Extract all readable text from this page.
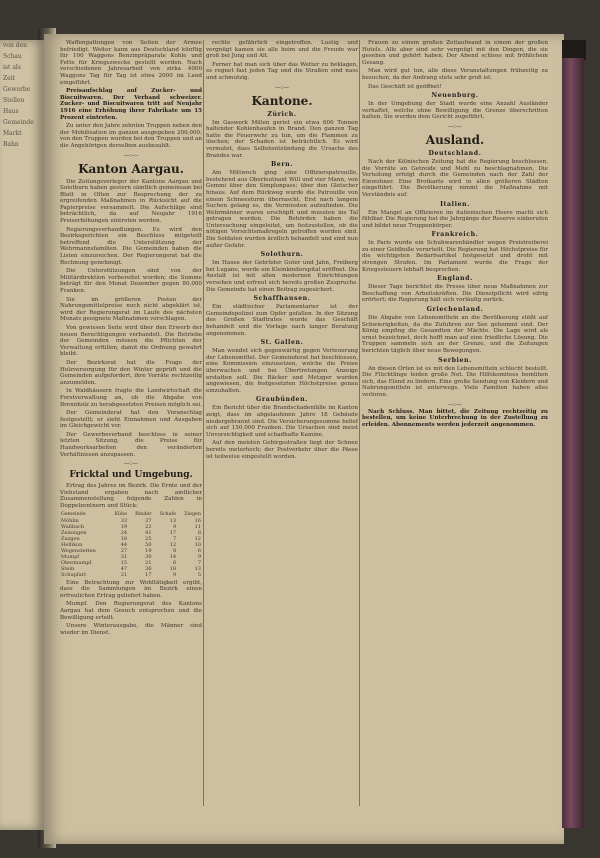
von den

Schau

ist als

Zeit

Gewerbe

Stellen

Haus

Gemeinde

Markt

Bahn

Waffengattungen von Seiten der Armee befriedigt. Weiter kann aus Deutschland künftig für 100 Waggons Benzinpräparate Kohle und Fette für Kriegszwecke gestellt werden. Nach verschiedenen Jahresarbeit von zirka 4000 Waggons Tag für Tag ist etwa 2000 im Land eingeführt.

Preisaufschlag auf Zucker- und Biscuitwaren. Der Verband schweizer. Zucker- und Biscuitwaren tritt auf Neujahr 1916 eine Erhöhung ihrer Fabrikate um 15 Prozent eintreten.

Zu unter den Jahre zehnten Truppen neben den der Mobilisation im ganzen ausgegeben 200,000; von den Truppen wurden bei den Truppen und an die Angehörigen derselben ausbezahlt.

—:—
Kanton Aargau.

Die Zeitungsverleger der Kantone Aargau und Solothurn haben gestern sämtlich gemeinsam bei Blatt in Olten zur Besprechung der zu ergreifenden Maßnahmen in Rücksicht auf die Papierpreise versammelt. Die Aufschläge sind beträchtlich, da auf Neujahr 1916 Preiserhöhungen eintreten werden.

Regierungsverhandlungen. Es wird den Bezirksgerichten ein Beschluss mitgeteilt betreffend die Unterstützung der Wehrmannsfamilien. Die Gemeinden haben die Listen einzureichen. Der Regierungsrat hat die Rechnung genehmigt.

Die Unterstützungen sind von der Militärdirektion vorbereitet worden; die Summe beträgt für den Monat Dezember gegen 80,000 Franken.

Sie im größeren Posten der Nahrungsmittelpreise noch nicht abgeklärt ist, wird der Regierungsrat im Laufe des nächsten Monats geeignete Maßnahmen vorschlagen.

Von gewissen Seite wird über den Erwerb der neuen Berechtigungen verhandelt. Die Betriebe der Gemeinden müssen die Pflichten der Verwaltung erfüllen, damit die Ordnung gewahrt bleibt.

Der Bezirksrat hat die Frage der Holzversorgung für den Winter geprüft und die Gemeinden aufgefordert, ihre Vorräte rechtzeitig anzumelden.

In Waldhäusern fragte die Landwirtschaft die Forstverwaltung an, ob die Abgabe von Brennholz zu herabgesetzten Preisen möglich sei.

Der Gemeinderat hat den Voranschlag festgestellt; er sieht Einnahmen und Ausgaben im Gleichgewicht vor.

Der Gewerbeverband beschloss in seiner letzten Sitzung, die Preise für Handwerksarbeiten den veränderten Verhältnissen anzupassen.

—:—
Fricktal und Umgebung.

Ertrag des Jahres im Bezirk. Die Ernte und der Viehstand ergaben nach amtlicher Zusammenstellung folgende Zahlen in Doppelzentnern und Stück:

Gemeinde	Kühe	Rinder	Schafe	Ziegen
Möhlin	33	37	13	16
Wallbach	19	22	9	11
Zeiningen	24	41	17	8
Zuzgen	18	25	7	12
Hellikon	44	50	12	10
Wegenstetten	27	19	8	6
Mumpf	31	30	14	9
Obermumpf	15	21	6	7
Stein	47	36	18	13
Schupfart	21	17	9	5

Eine Betrachtung zur Wohltätigkeit ergibt, dass die Sammlungen im Bezirk einen erfreulichen Ertrag geliefert haben.

Mumpf. Den Regierungsrat des Kantons Aargau hat dem Gesuch entsprochen und die Bewilligung erteilt.

Unsere Winterausgabe, die Männer sind wieder im Dienst.

rechte gefährlich eingetroffen. Lustig und vergnügt kamen sie alle heim und die Freude war groß bei Jung und Alt.

Ferner hat man sich über das Wetter zu beklagen, es regnet fast jeden Tag und die Straßen sind nass und schmutzig.

—:—
Kantone.
Zürich.

Im Gaswerk Mülen geriet ein etwa 600 Tonnen haltender Kohlenhaufen in Brand. Den ganzen Tag hatte die Feuerwehr zu tun, um die Flammen zu löschen; der Schaden ist beträchtlich. Es wird vermutet, dass Selbstentzündung die Ursache des Brandes war.

Bern.

Am Mittwoch ging eine Offizierspatrouille, bestehend aus Oberleutnant Will und vier Mann, von Gemmi über den Simplonpass; über den Gletscher hinaus. Auf dem Rückweg wurde die Patrouille von einem Schneesturm überrascht. Erst nach langem Suchen gelang es, die Vermissten aufzufinden. Die Wehrmänner waren erschöpft und mussten ins Tal getragen werden. Die Behörden haben die Untersuchung eingeleitet, um festzustellen, ob die nötigen Vorsichtsmaßregeln getroffen worden sind. Die Soldaten wurden ärztlich behandelt und sind nun außer Gefahr.

Solothurn.

Im Hause der Gebrüder Guter und Jahn, Freiberg bei Lugano, wurde ein Kleinkinderspital eröffnet. Die Anstalt ist mit allen modernen Einrichtungen versehen und erfreut sich bereits großen Zuspruchs. Die Gemeinde hat einen Beitrag zugesichert.

Schaffhausen.

Ein städtischer Parlamentarier ist der Gemeindepolizei zum Opfer gefallen. In der Sitzung des Großen Stadtrates wurde das Geschäft behandelt und die Vorlage nach langer Beratung angenommen.

St. Gallen.

Man wendet sich gegenwärtig gegen Verteuerung der Lebensmittel. Der Gemeinderat hat beschlossen, eine Kommission einzusetzen, welche die Preise überwachen und bei Übertretungen Anzeige erstatten soll. Die Bäcker und Metzger wurden angewiesen, die festgesetzten Höchstpreise genau einzuhalten.

Graubünden.

Ein Bericht über die Brandschadenfälle im Kanton zeigt, dass im abgelaufenen Jahre 18 Gebäude niedergebrannt sind. Die Versicherungssumme belief sich auf 150,000 Franken. Die Ursachen sind meist Unvorsichtigkeit und schadhafte Kamine.

Auf den meisten Gebirgsstraßen liegt der Schnee bereits meterhoch; der Postverkehr über die Pässe ist teilweise eingestellt worden.

Frauen zu einem großen Zeitaufwand in einem der großen Hotels. Alle aber sind sehr vergnügt mit den Dingen, die sie gesehen und gehört haben. Der Abend schloss mit fröhlichem Gesang.

Man wird gut tun, alle diese Veranstaltungen frühzeitig zu besuchen, da der Andrang stets sehr groß ist.

Das Geschäft ist geöffnet!

Neuenburg.

In der Umgebung der Stadt wurde eine Anzahl Ausländer verhaftet, welche ohne Bewilligung die Grenze überschritten hatten. Sie wurden dem Gericht zugeführt.

—:—
Ausland.
Deutschland.

Nach der Kölnischen Zeitung hat die Regierung beschlossen, die Vorräte an Getreide und Mehl zu beschlagnahmen. Die Verteilung erfolgt durch die Gemeinden nach der Zahl der Einwohner. Eine Brotkarte wird in allen größeren Städten eingeführt. Die Bevölkerung nimmt die Maßnahme mit Verständnis auf.

Italien.

Ein Mangel an Offizieren im italienischen Heere macht sich fühlbar. Die Regierung hat die Jahrgänge der Reserve einberufen und bildet neue Truppenkörper.

Frankreich.

In Paris wurde ein Schuhwarenhändler wegen Preistreiberei zu einer Geldbuße verurteilt. Die Regierung hat Höchstpreise für die wichtigsten Bedarfsartikel festgesetzt und droht mit strengen Strafen. Im Parlament wurde die Frage der Kriegssteuern lebhaft besprochen.

England.

Dieser Tage berichtet die Presse über neue Maßnahmen zur Beschaffung von Arbeitskräften. Die Dienstpflicht wird eifrig erörtert; die Regierung hält sich vorläufig zurück.

Griechenland.

Die Abgabe von Lebensmitteln an die Bevölkerung stößt auf Schwierigkeiten, da die Zufuhren zur See gehemmt sind. Der König empfing die Gesandten der Mächte. Die Lage wird als ernst bezeichnet, doch hofft man auf eine friedliche Lösung. Die Truppen sammeln sich an der Grenze, und die Zeitungen berichten täglich über neue Bewegungen.

Serbien.

An diesen Orten ist es mit den Lebensmitteln schlecht bestellt. Die Flüchtlinge leiden große Not. Die Hilfskomitees bemühen sich, das Elend zu lindern. Eine große Sendung von Kleidern und Nahrungsmitteln ist unterwegs. Viele Familien haben alles verloren.

—:—

Nach Schluss. Man bittet, die Zeitung rechtzeitig zu bestellen, um keine Unterbrechung in der Zustellung zu erleiden. Abonnements werden jederzeit angenommen.
